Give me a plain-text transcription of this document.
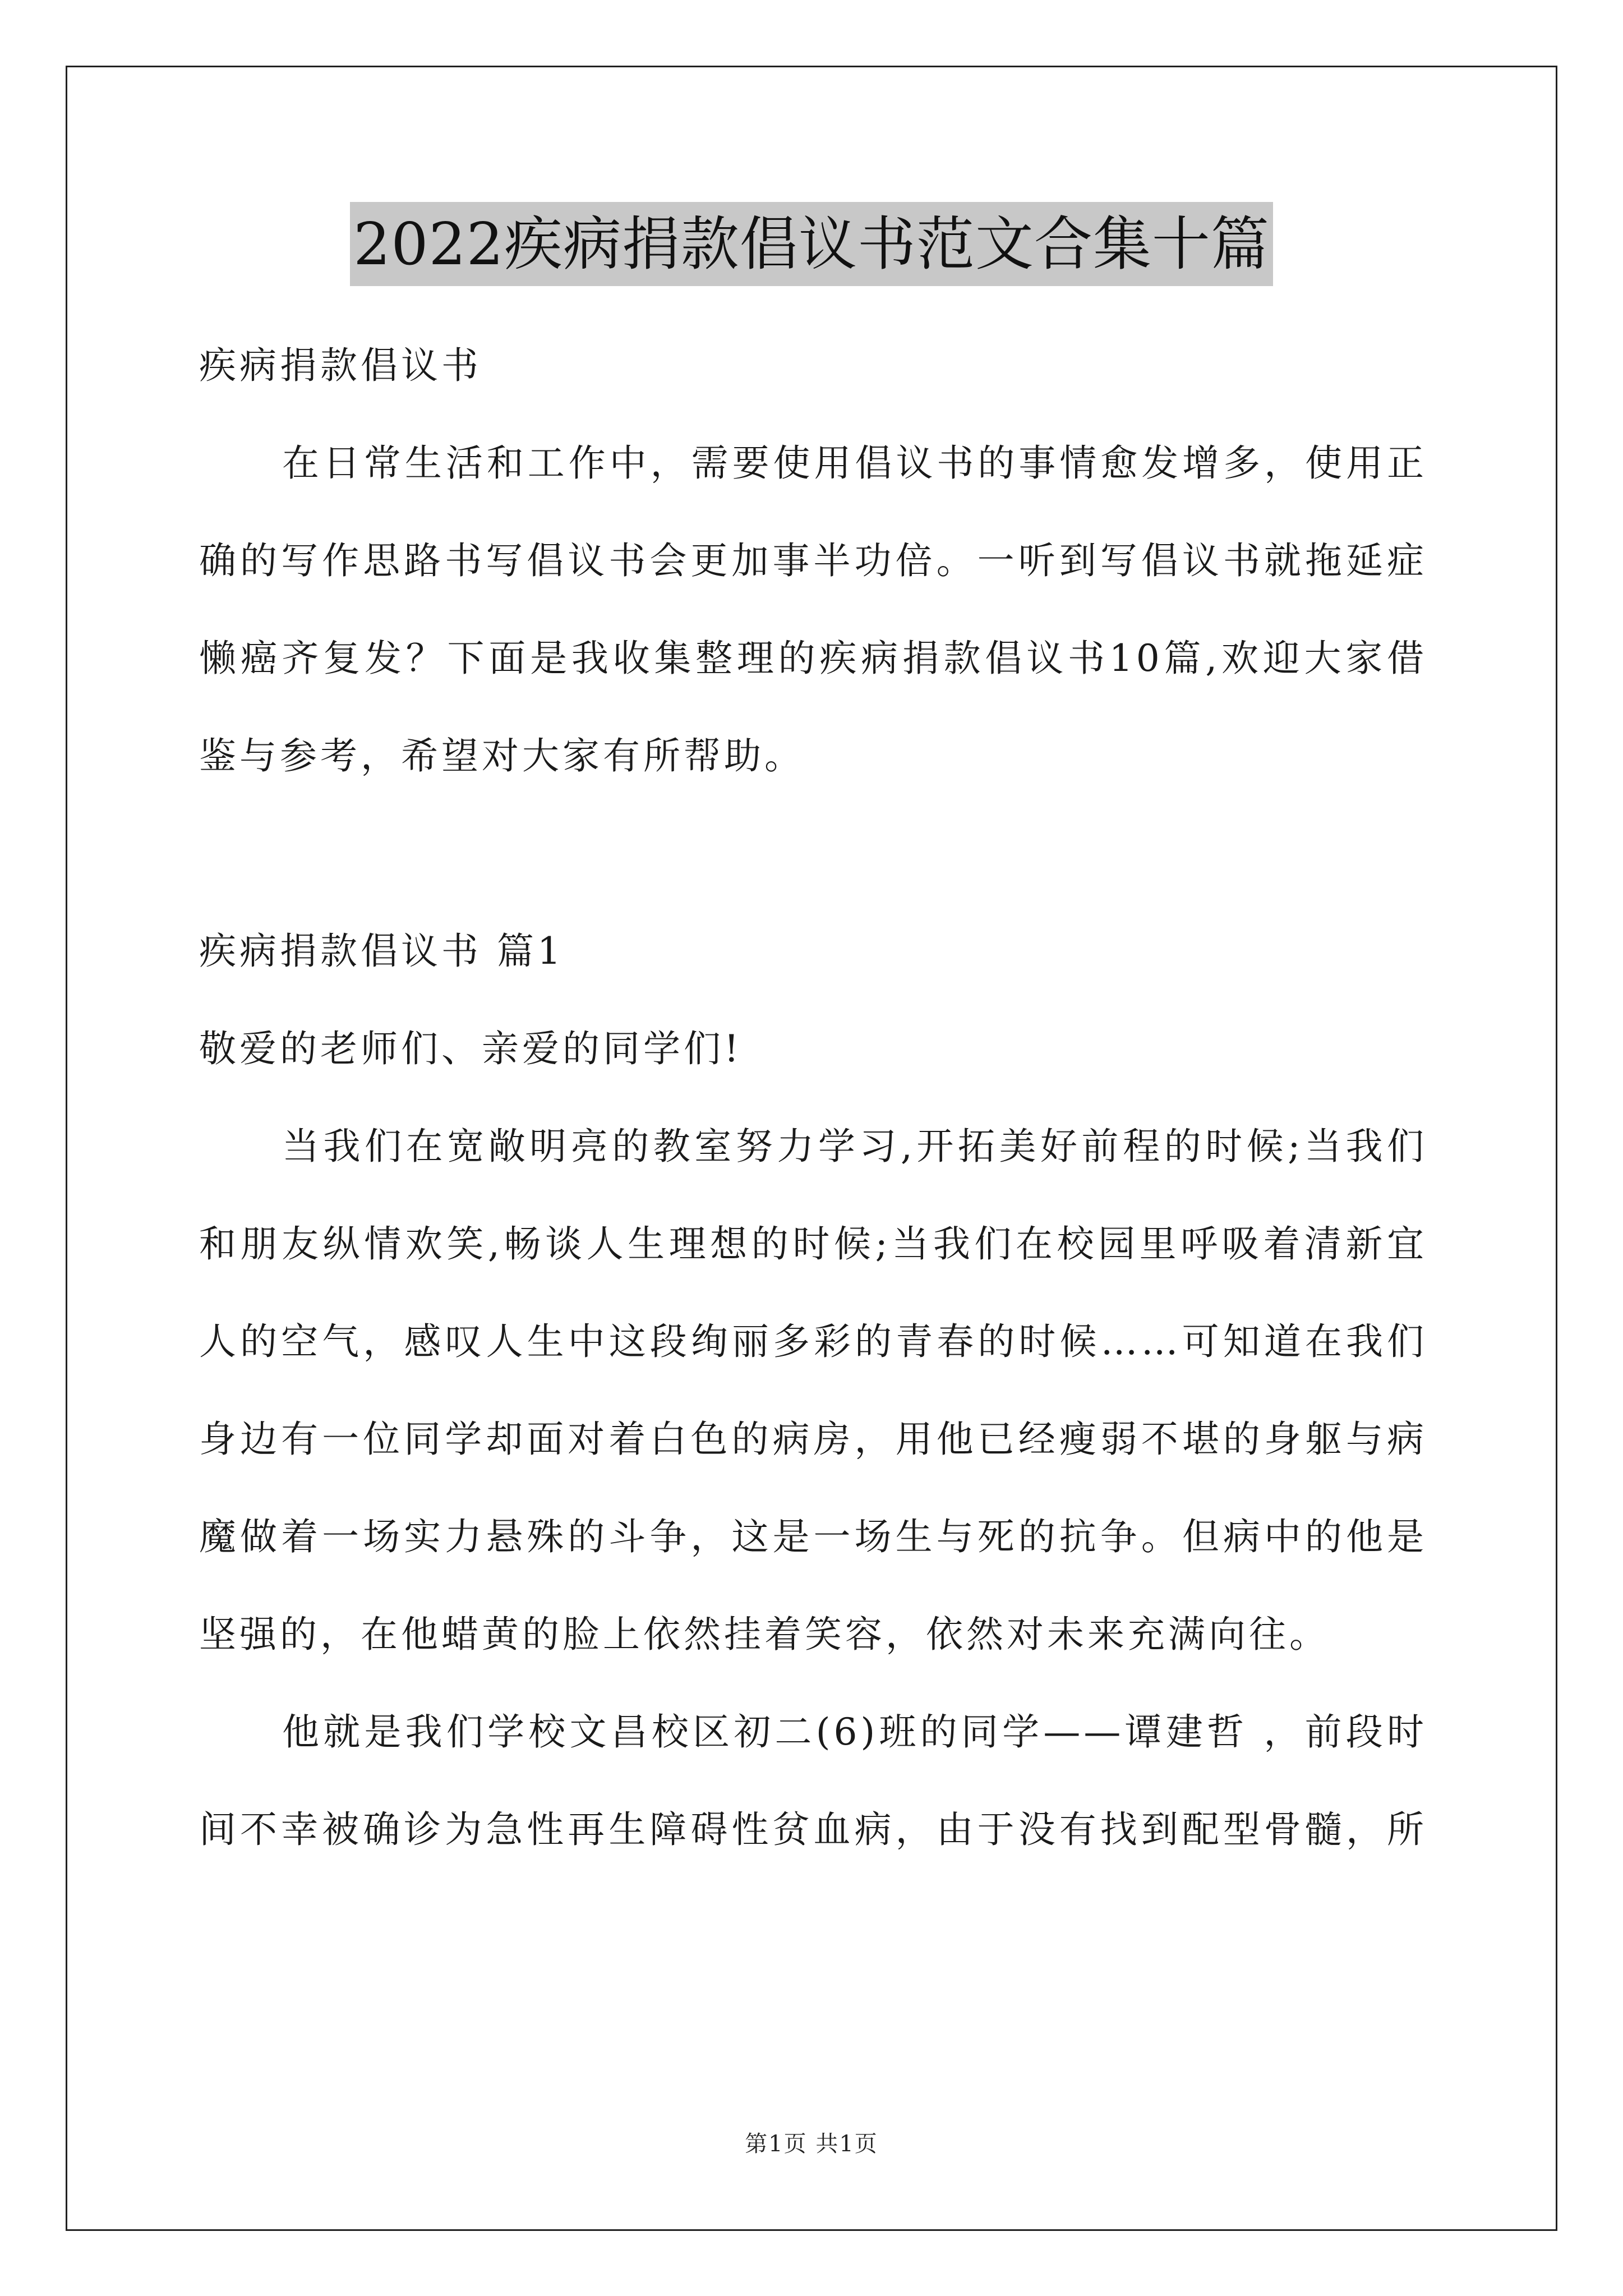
2022疾病捐款倡议书范文合集十篇
疾病捐款倡议书
在日常生活和工作中，需要使用倡议书的事情愈发增多，使用正
确的写作思路书写倡议书会更加事半功倍。一听到写倡议书就拖延症
懒癌齐复发？下面是我收集整理的疾病捐款倡议书10篇,欢迎大家借
鉴与参考，希望对大家有所帮助。
疾病捐款倡议书 篇1
敬爱的老师们、亲爱的同学们!
当我们在宽敞明亮的教室努力学习,开拓美好前程的时候;当我们
和朋友纵情欢笑,畅谈人生理想的时候;当我们在校园里呼吸着清新宜
人的空气，感叹人生中这段绚丽多彩的青春的时候……可知道在我们
身边有一位同学却面对着白色的病房，用他已经瘦弱不堪的身躯与病
魔做着一场实力悬殊的斗争，这是一场生与死的抗争。但病中的他是
坚强的，在他蜡黄的脸上依然挂着笑容，依然对未来充满向往。
他就是我们学校文昌校区初二(6)班的同学——谭建哲 ，前段时
间不幸被确诊为急性再生障碍性贫血病，由于没有找到配型骨髓，所
第1页 共1页
